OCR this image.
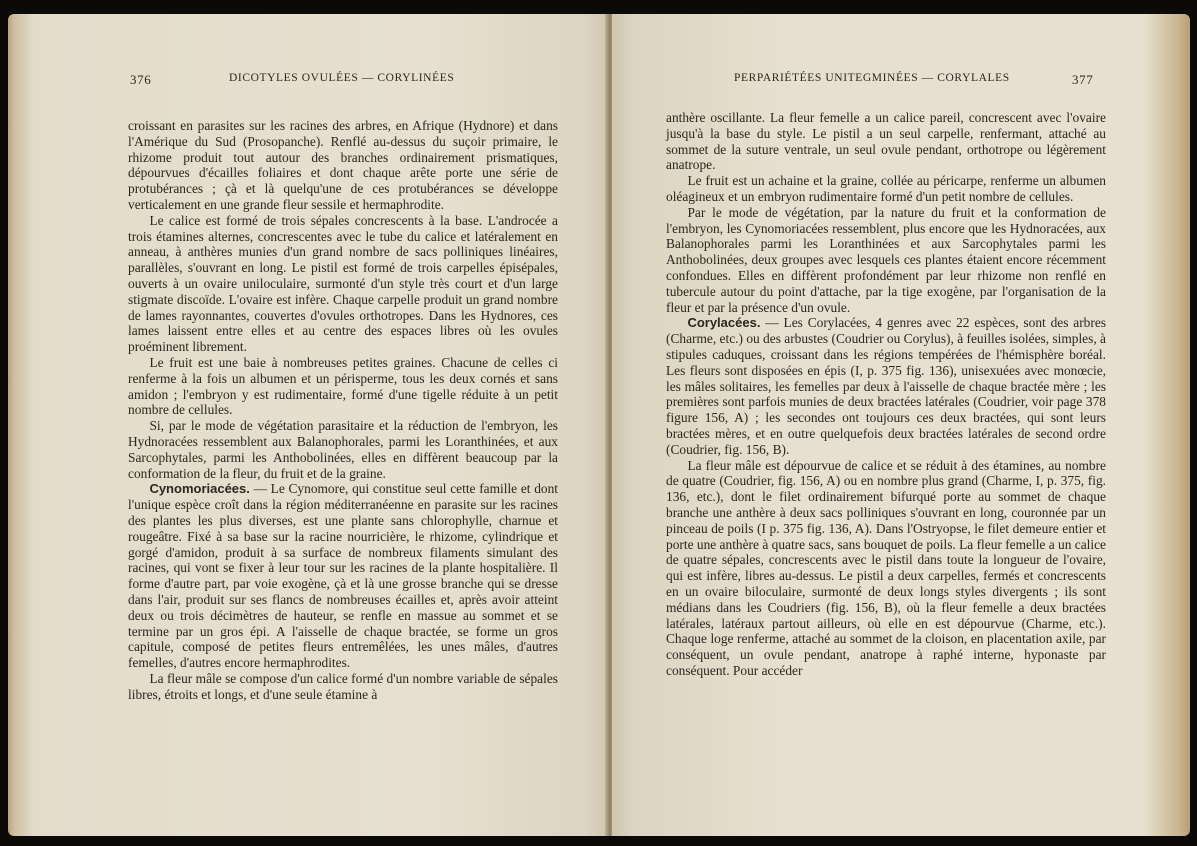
376	DICOTYLES OVULÉES — CORYLINÉES

croissant en parasites sur les racines des arbres, en Afrique (Hydnore) et dans l'Amérique du Sud (Prosopanche). Renflé au-dessus du suçoir primaire, le rhizome produit tout autour des branches ordinairement prismatiques, dépourvues d'écailles foliaires et dont chaque arête porte une série de protubérances ; çà et là quelqu'une de ces protubérances se développe verticalement en une grande fleur sessile et hermaphrodite.

Le calice est formé de trois sépales concrescents à la base. L'androcée a trois étamines alternes, concrescentes avec le tube du calice et latéralement en anneau, à anthères munies d'un grand nombre de sacs polliniques linéaires, parallèles, s'ouvrant en long. Le pistil est formé de trois carpelles épisépales, ouverts à un ovaire uniloculaire, surmonté d'un style très court et d'un large stigmate discoïde. L'ovaire est infère. Chaque carpelle produit un grand nombre de lames rayonnantes, couvertes d'ovules orthotropes. Dans les Hydnores, ces lames laissent entre elles et au centre des espaces libres où les ovules proéminent librement.

Le fruit est une baie à nombreuses petites graines. Chacune de celles ci renferme à la fois un albumen et un périsperme, tous les deux cornés et sans amidon ; l'embryon y est rudimentaire, formé d'une tigelle réduite à un petit nombre de cellules.

Si, par le mode de végétation parasitaire et la réduction de l'embryon, les Hydnoracées ressemblent aux Balanophorales, parmi les Loranthinées, et aux Sarcophytales, parmi les Anthobolinées, elles en diffèrent beaucoup par la conformation de la fleur, du fruit et de la graine.

Cynomoriacées. — Le Cynomore, qui constitue seul cette famille et dont l'unique espèce croît dans la région méditerranéenne en parasite sur les racines des plantes les plus diverses, est une plante sans chlorophylle, charnue et rougeâtre. Fixé à sa base sur la racine nourricière, le rhizome, cylindrique et gorgé d'amidon, produit à sa surface de nombreux filaments simulant des racines, qui vont se fixer à leur tour sur les racines de la plante hospitalière. Il forme d'autre part, par voie exogène, çà et là une grosse branche qui se dresse dans l'air, produit sur ses flancs de nombreuses écailles et, après avoir atteint deux ou trois décimètres de hauteur, se renfle en massue au sommet et se termine par un gros épi. A l'aisselle de chaque bractée, se forme un gros capitule, composé de petites fleurs entremêlées, les unes mâles, d'autres femelles, d'autres encore hermaphrodites.

La fleur mâle se compose d'un calice formé d'un nombre variable de sépales libres, étroits et longs, et d'une seule étamine à

PERPARIÉTÉES UNITEGMINÉES — CORYLALES	377

anthère oscillante. La fleur femelle a un calice pareil, concrescent avec l'ovaire jusqu'à la base du style. Le pistil a un seul carpelle, renfermant, attaché au sommet de la suture ventrale, un seul ovule pendant, orthotrope ou légèrement anatrope.

Le fruit est un achaine et la graine, collée au péricarpe, renferme un albumen oléagineux et un embryon rudimentaire formé d'un petit nombre de cellules.

Par le mode de végétation, par la nature du fruit et la conformation de l'embryon, les Cynomoriacées ressemblent, plus encore que les Hydnoracées, aux Balanophorales parmi les Loranthinées et aux Sarcophytales parmi les Anthobolinées, deux groupes avec lesquels ces plantes étaient encore récemment confondues. Elles en diffèrent profondément par leur rhizome non renflé en tubercule autour du point d'attache, par la tige exogène, par l'organisation de la fleur et par la présence d'un ovule.

Corylacées. — Les Corylacées, 4 genres avec 22 espèces, sont des arbres (Charme, etc.) ou des arbustes (Coudrier ou Corylus), à feuilles isolées, simples, à stipules caduques, croissant dans les régions tempérées de l'hémisphère boréal. Les fleurs sont disposées en épis (I, p. 375 fig. 136), unisexuées avec monœcie, les mâles solitaires, les femelles par deux à l'aisselle de chaque bractée mère ; les premières sont parfois munies de deux bractées latérales (Coudrier, voir page 378 figure 156, A) ; les secondes ont toujours ces deux bractées, qui sont leurs bractées mères, et en outre quelquefois deux bractées latérales de second ordre (Coudrier, fig. 156, B).

La fleur mâle est dépourvue de calice et se réduit à des étamines, au nombre de quatre (Coudrier, fig. 156, A) ou en nombre plus grand (Charme, I, p. 375, fig. 136, etc.), dont le filet ordinairement bifurqué porte au sommet de chaque branche une anthère à deux sacs polliniques s'ouvrant en long, couronnée par un pinceau de poils (I p. 375 fig. 136, A). Dans l'Ostryopse, le filet demeure entier et porte une anthère à quatre sacs, sans bouquet de poils. La fleur femelle a un calice de quatre sépales, concrescents avec le pistil dans toute la longueur de l'ovaire, qui est infère, libres au-dessus. Le pistil a deux carpelles, fermés et concrescents en un ovaire biloculaire, surmonté de deux longs styles divergents ; ils sont médians dans les Coudriers (fig. 156, B), où la fleur femelle a deux bractées latérales, latéraux partout ailleurs, où elle en est dépourvue (Charme, etc.). Chaque loge renferme, attaché au sommet de la cloison, en placentation axile, par conséquent, un ovule pendant, anatrope à raphé interne, hyponaste par conséquent. Pour accéder
